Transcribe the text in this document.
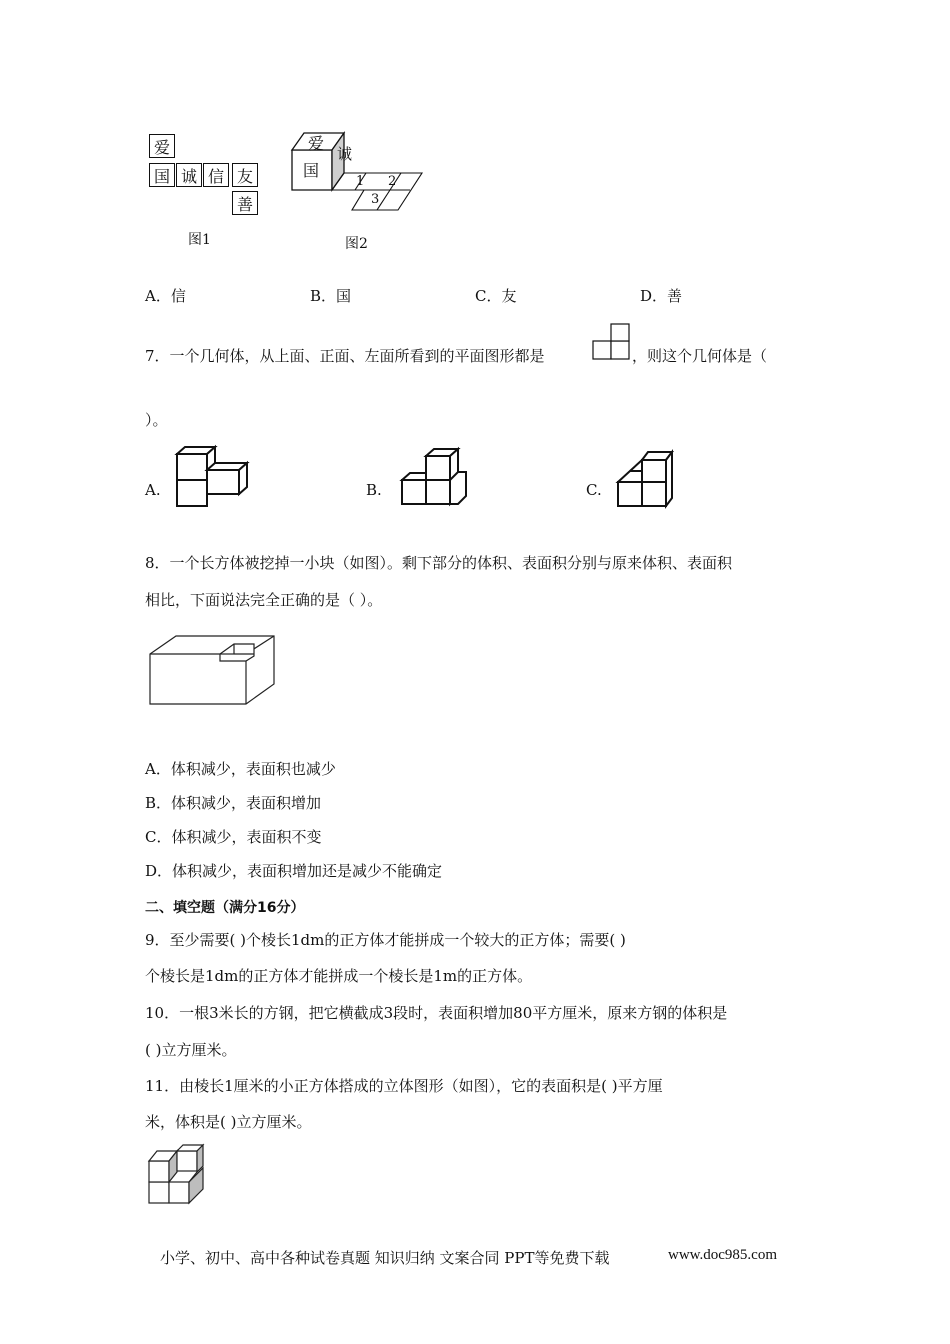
爱
国 诚 信 友
善
图1
爱
国
诚
1 2
3
图2
A．信	B．国	C．友	D．善
7．一个几何体，从上面、正面、左面所看到的平面图形都是	，则这个几何体是（
）。
A.	B.	C.
8．一个长方体被挖掉一小块（如图）。剩下部分的体积、表面积分别与原来体积、表面积
相比，下面说法完全正确的是（ ）。
A．体积减少，表面积也减少
B．体积减少，表面积增加
C．体积减少，表面积不变
D．体积减少，表面积增加还是减少不能确定
二、填空题（满分16分）
9．至少需要( )个棱长1dm的正方体才能拼成一个较大的正方体；需要( )
个棱长是1dm的正方体才能拼成一个棱长是1m的正方体。
10．一根3米长的方钢，把它横截成3段时，表面积增加80平方厘米，原来方钢的体积是
( )立方厘米。
11．由棱长1厘米的小正方体搭成的立体图形（如图），它的表面积是( )平方厘
米，体积是( )立方厘米。
小学、初中、高中各种试卷真题 知识归纳 文案合同 PPT等免费下载	www.doc985.com
